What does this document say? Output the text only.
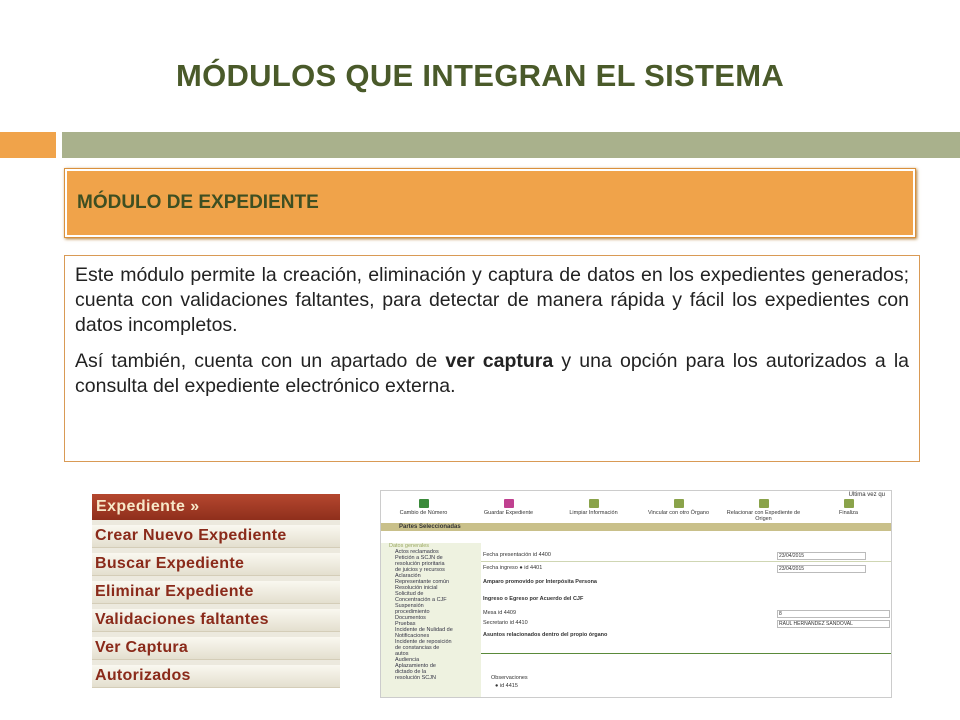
MÓDULOS QUE INTEGRAN EL SISTEMA
MÓDULO DE EXPEDIENTE

Este módulo permite la creación, eliminación y captura de datos en los expedientes generados; cuenta con validaciones faltantes, para detectar de manera rápida y fácil los expedientes con datos incompletos.

Así también, cuenta con un apartado de ver captura y una opción para los autorizados a la consulta del expediente electrónico externa.

Expediente »
Crear Nuevo Expediente
Buscar Expediente
Eliminar Expediente
Validaciones faltantes
Ver Captura
Autorizados
Ultima vez qu
Cambio de Número	Guardar Expediente	Limpiar Información	Vincular con otro Órgano	Relacionar con Expediente de Origen
Finaliza
Partes Seleccionadas
Datos generales
Actos reclamados
Petición a SCJN de
resolución prioritaria
de juicios y recursos
Aclaración
Representante común
Resolución inicial
Solicitud de
Concentración a CJF
Suspensión
procedimiento
Documentos
Pruebas
Incidente de Nulidad de
Notificaciones
Incidente de reposición
de constancias de
autos
Audiencia
Aplazamiento de
dictado de la
resolución SCJN
Fecha presentación id 4400	23/04/2015
Fecha ingreso ● id 4401	23/04/2015
Amparo promovido por Interpósita Persona
Ingreso o Egreso por Acuerdo del CJF
Mesa id 4409	8
Secretario id 4410	RAUL HERNANDEZ SANDOVAL
Asuntos relacionados dentro del propio órgano
Observaciones
● id 4415
